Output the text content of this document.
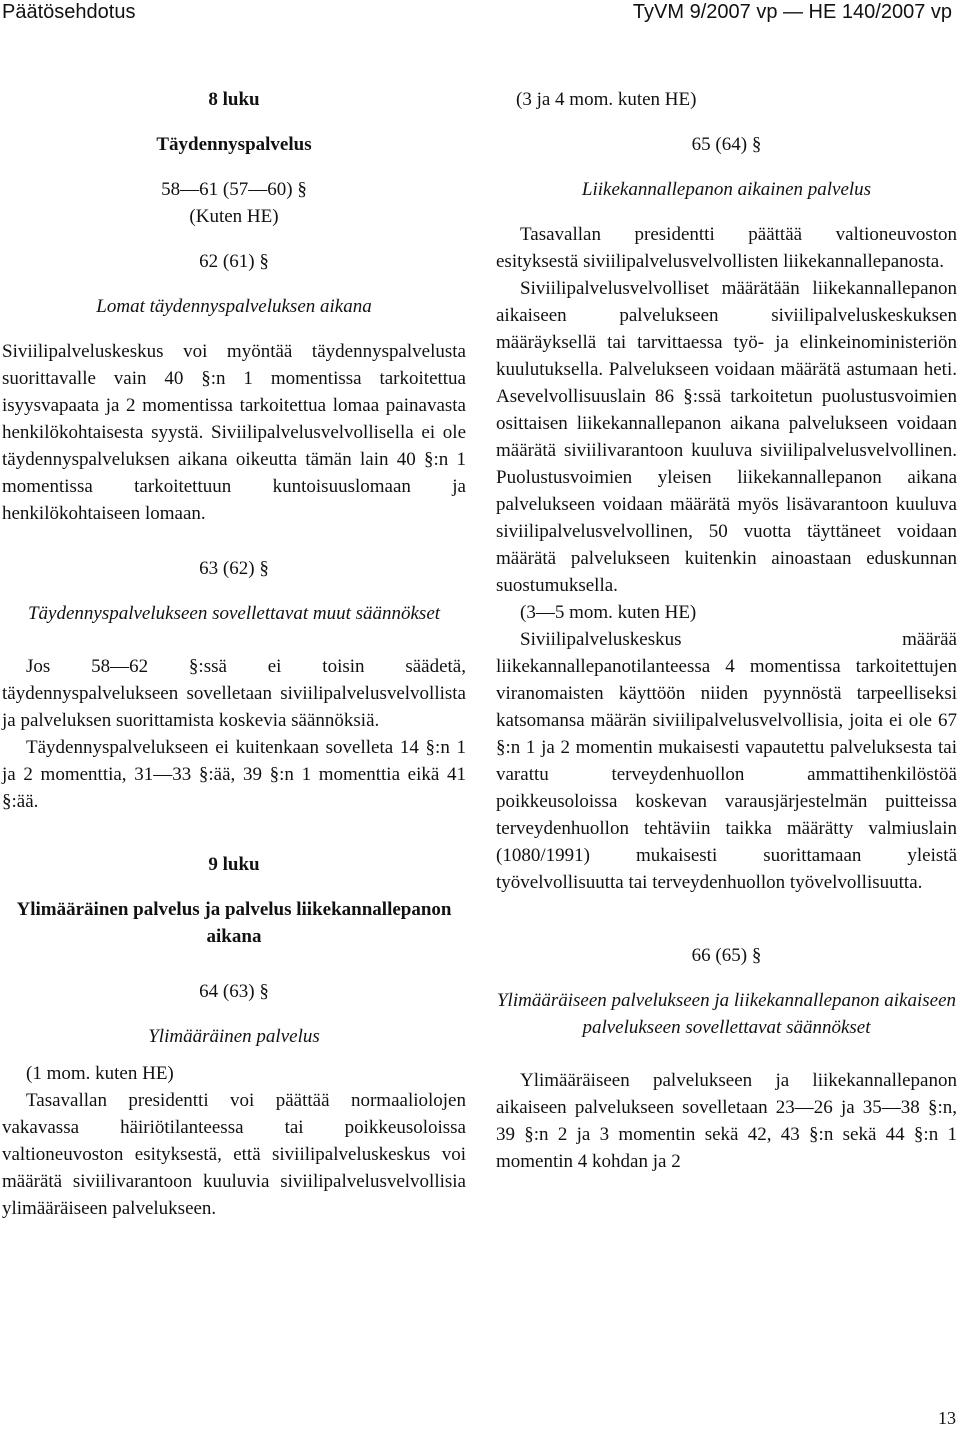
Päätösehdotus	TyVM 9/2007 vp — HE 140/2007 vp
8 luku
Täydennyspalvelus
58—61 (57—60) §
(Kuten HE)
62 (61) §
Lomat täydennyspalveluksen aikana

Siviilipalveluskeskus voi myöntää täydennyspalvelusta suorittavalle vain 40 §:n 1 momentissa tarkoitettua isyysvapaata ja 2 momentissa tarkoitettua lomaa painavasta henkilökohtaisesta syystä. Siviilipalvelusvelvollisella ei ole täydennyspalveluksen aikana oikeutta tämän lain 40 §:n 1 momentissa tarkoitettuun kuntoisuuslomaan ja henkilökohtaiseen lomaan.

63 (62) §
Täydennyspalvelukseen sovellettavat muut säännökset

Jos 58—62 §:ssä ei toisin säädetä, täydennyspalvelukseen sovelletaan siviilipalvelusvelvollista ja palveluksen suorittamista koskevia säännöksiä.

Täydennyspalvelukseen ei kuitenkaan sovelleta 14 §:n 1 ja 2 momenttia, 31—33 §:ää, 39 §:n 1 momenttia eikä 41 §:ää.

9 luku
Ylimääräinen palvelus ja palvelus liikekannallepanon aikana
64 (63) §
Ylimääräinen palvelus

(1 mom. kuten HE)

Tasavallan presidentti voi päättää normaaliolojen vakavassa häiriötilanteessa tai poikkeusoloissa valtioneuvoston esityksestä, että siviilipalveluskeskus voi määrätä siviilivarantoon kuuluvia siviilipalvelusvelvollisia ylimääräiseen palvelukseen.

(3 ja 4 mom. kuten HE)

65 (64) §
Liikekannallepanon aikainen palvelus

Tasavallan presidentti päättää valtioneuvoston esityksestä siviilipalvelusvelvollisten liikekannallepanosta.

Siviilipalvelusvelvolliset määrätään liikekannallepanon aikaiseen palvelukseen siviilipalveluskeskuksen määräyksellä tai tarvittaessa työ- ja elinkeinoministeriön kuulutuksella. Palvelukseen voidaan määrätä astumaan heti. Asevelvollisuuslain 86 §:ssä tarkoitetun puolustusvoimien osittaisen liikekannallepanon aikana palvelukseen voidaan määrätä siviilivarantoon kuuluva siviilipalvelusvelvollinen. Puolustusvoimien yleisen liikekannallepanon aikana palvelukseen voidaan määrätä myös lisävarantoon kuuluva siviilipalvelusvelvollinen, 50 vuotta täyttäneet voidaan määrätä palvelukseen kuitenkin ainoastaan eduskunnan suostumuksella.

(3—5 mom. kuten HE)

Siviilipalveluskeskus määrää liikekannallepanotilanteessa 4 momentissa tarkoitettujen viranomaisten käyttöön niiden pyynnöstä tarpeelliseksi katsomansa määrän siviilipalvelusvelvollisia, joita ei ole 67 §:n 1 ja 2 momentin mukaisesti vapautettu palveluksesta tai varattu terveydenhuollon ammattihenkilöstöä poikkeusoloissa koskevan varausjärjestelmän puitteissa terveydenhuollon tehtäviin taikka määrätty valmiuslain (1080/1991) mukaisesti suorittamaan yleistä työvelvollisuutta tai terveydenhuollon työvelvollisuutta.

66 (65) §
Ylimääräiseen palvelukseen ja liikekannallepanon aikaiseen palvelukseen sovellettavat säännökset

Ylimääräiseen palvelukseen ja liikekannallepanon aikaiseen palvelukseen sovelletaan 23—26 ja 35—38 §:n, 39 §:n 2 ja 3 momentin sekä 42, 43 §:n sekä 44 §:n 1 momentin 4 kohdan ja 2

13
